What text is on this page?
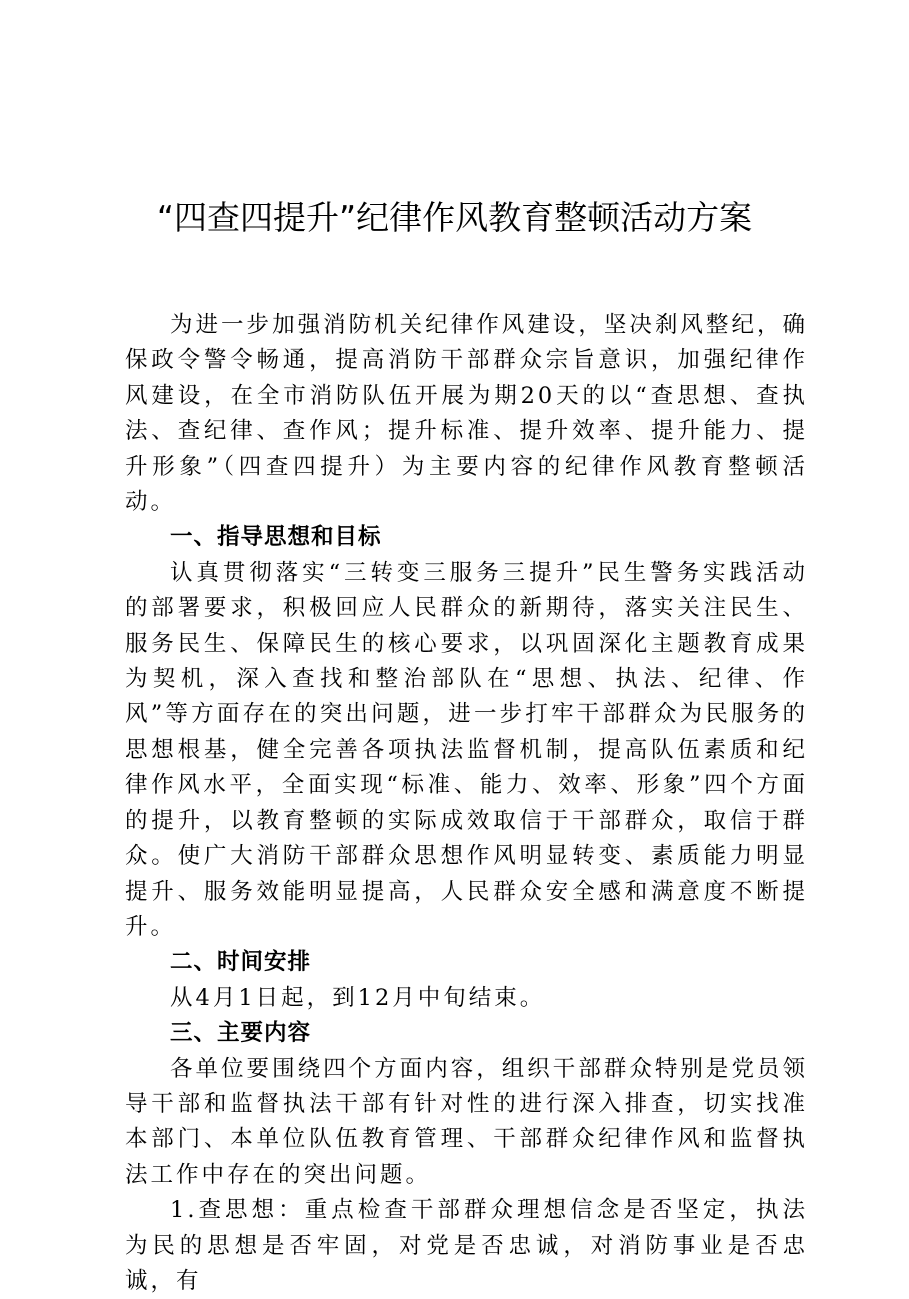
“四查四提升”纪律作风教育整顿活动方案

为进一步加强消防机关纪律作风建设，坚决刹风整纪，确保政令警令畅通，提高消防干部群众宗旨意识，加强纪律作风建设，在全市消防队伍开展为期20天的以“查思想、查执法、查纪律、查作风；提升标准、提升效率、提升能力、提升形象”（四查四提升）为主要内容的纪律作风教育整顿活动。

一、指导思想和目标

认真贯彻落实“三转变三服务三提升”民生警务实践活动的部署要求，积极回应人民群众的新期待，落实关注民生、服务民生、保障民生的核心要求，以巩固深化主题教育成果为契机，深入查找和整治部队在“思想、执法、纪律、作风”等方面存在的突出问题，进一步打牢干部群众为民服务的思想根基，健全完善各项执法监督机制，提高队伍素质和纪律作风水平，全面实现“标准、能力、效率、形象”四个方面的提升，以教育整顿的实际成效取信于干部群众，取信于群众。使广大消防干部群众思想作风明显转变、素质能力明显提升、服务效能明显提高，人民群众安全感和满意度不断提升。

二、时间安排

从4月1日起，到12月中旬结束。

三、主要内容

各单位要围绕四个方面内容，组织干部群众特别是党员领导干部和监督执法干部有针对性的进行深入排查，切实找准本部门、本单位队伍教育管理、干部群众纪律作风和监督执法工作中存在的突出问题。

1.查思想：重点检查干部群众理想信念是否坚定，执法为民的思想是否牢固，对党是否忠诚，对消防事业是否忠诚，有
